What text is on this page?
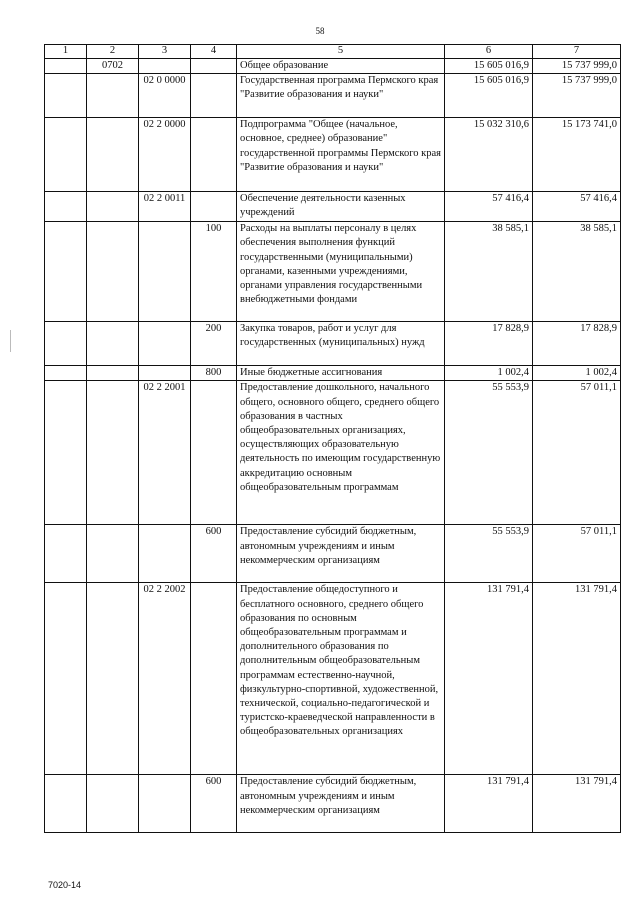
58
1	2	3	4	5	6	7
	0702			Общее образование	15 605 016,9	15 737 999,0
		02 0 0000		Государственная программа Пермского края "Развитие образования и науки"	15 605 016,9	15 737 999,0
		02 2 0000		Подпрограмма "Общее (начальное, основное, среднее) образование" государственной программы Пермского края "Развитие образования и науки"	15 032 310,6	15 173 741,0
		02 2 0011		Обеспечение деятельности казенных учреждений	57 416,4	57 416,4
			100	Расходы на выплаты персоналу в целях обеспечения выполнения функций государственными (муниципальными) органами, казенными учреждениями, органами управления государственными внебюджетными фондами	38 585,1	38 585,1
			200	Закупка товаров, работ и услуг для государственных (муниципальных) нужд	17 828,9	17 828,9
			800	Иные бюджетные ассигнования	1 002,4	1 002,4
		02 2 2001		Предоставление дошкольного, начального общего, основного общего, среднего общего образования в частных общеобразовательных организациях, осуществляющих образовательную деятельность по имеющим государственную аккредитацию основным общеобразовательным программам	55 553,9	57 011,1
			600	Предоставление субсидий бюджетным, автономным учреждениям и иным некоммерческим организациям	55 553,9	57 011,1
		02 2 2002		Предоставление общедоступного и бесплатного основного, среднего общего образования по основным общеобразовательным программам и дополнительного образования по дополнительным общеобразовательным программам естественно-научной, физкультурно-спортивной, художественной, технической, социально-педагогической и туристско-краеведческой направленности в общеобразовательных организациях	131 791,4	131 791,4
			600	Предоставление субсидий бюджетным, автономным учреждениям и иным некоммерческим организациям	131 791,4	131 791,4
7020-14
